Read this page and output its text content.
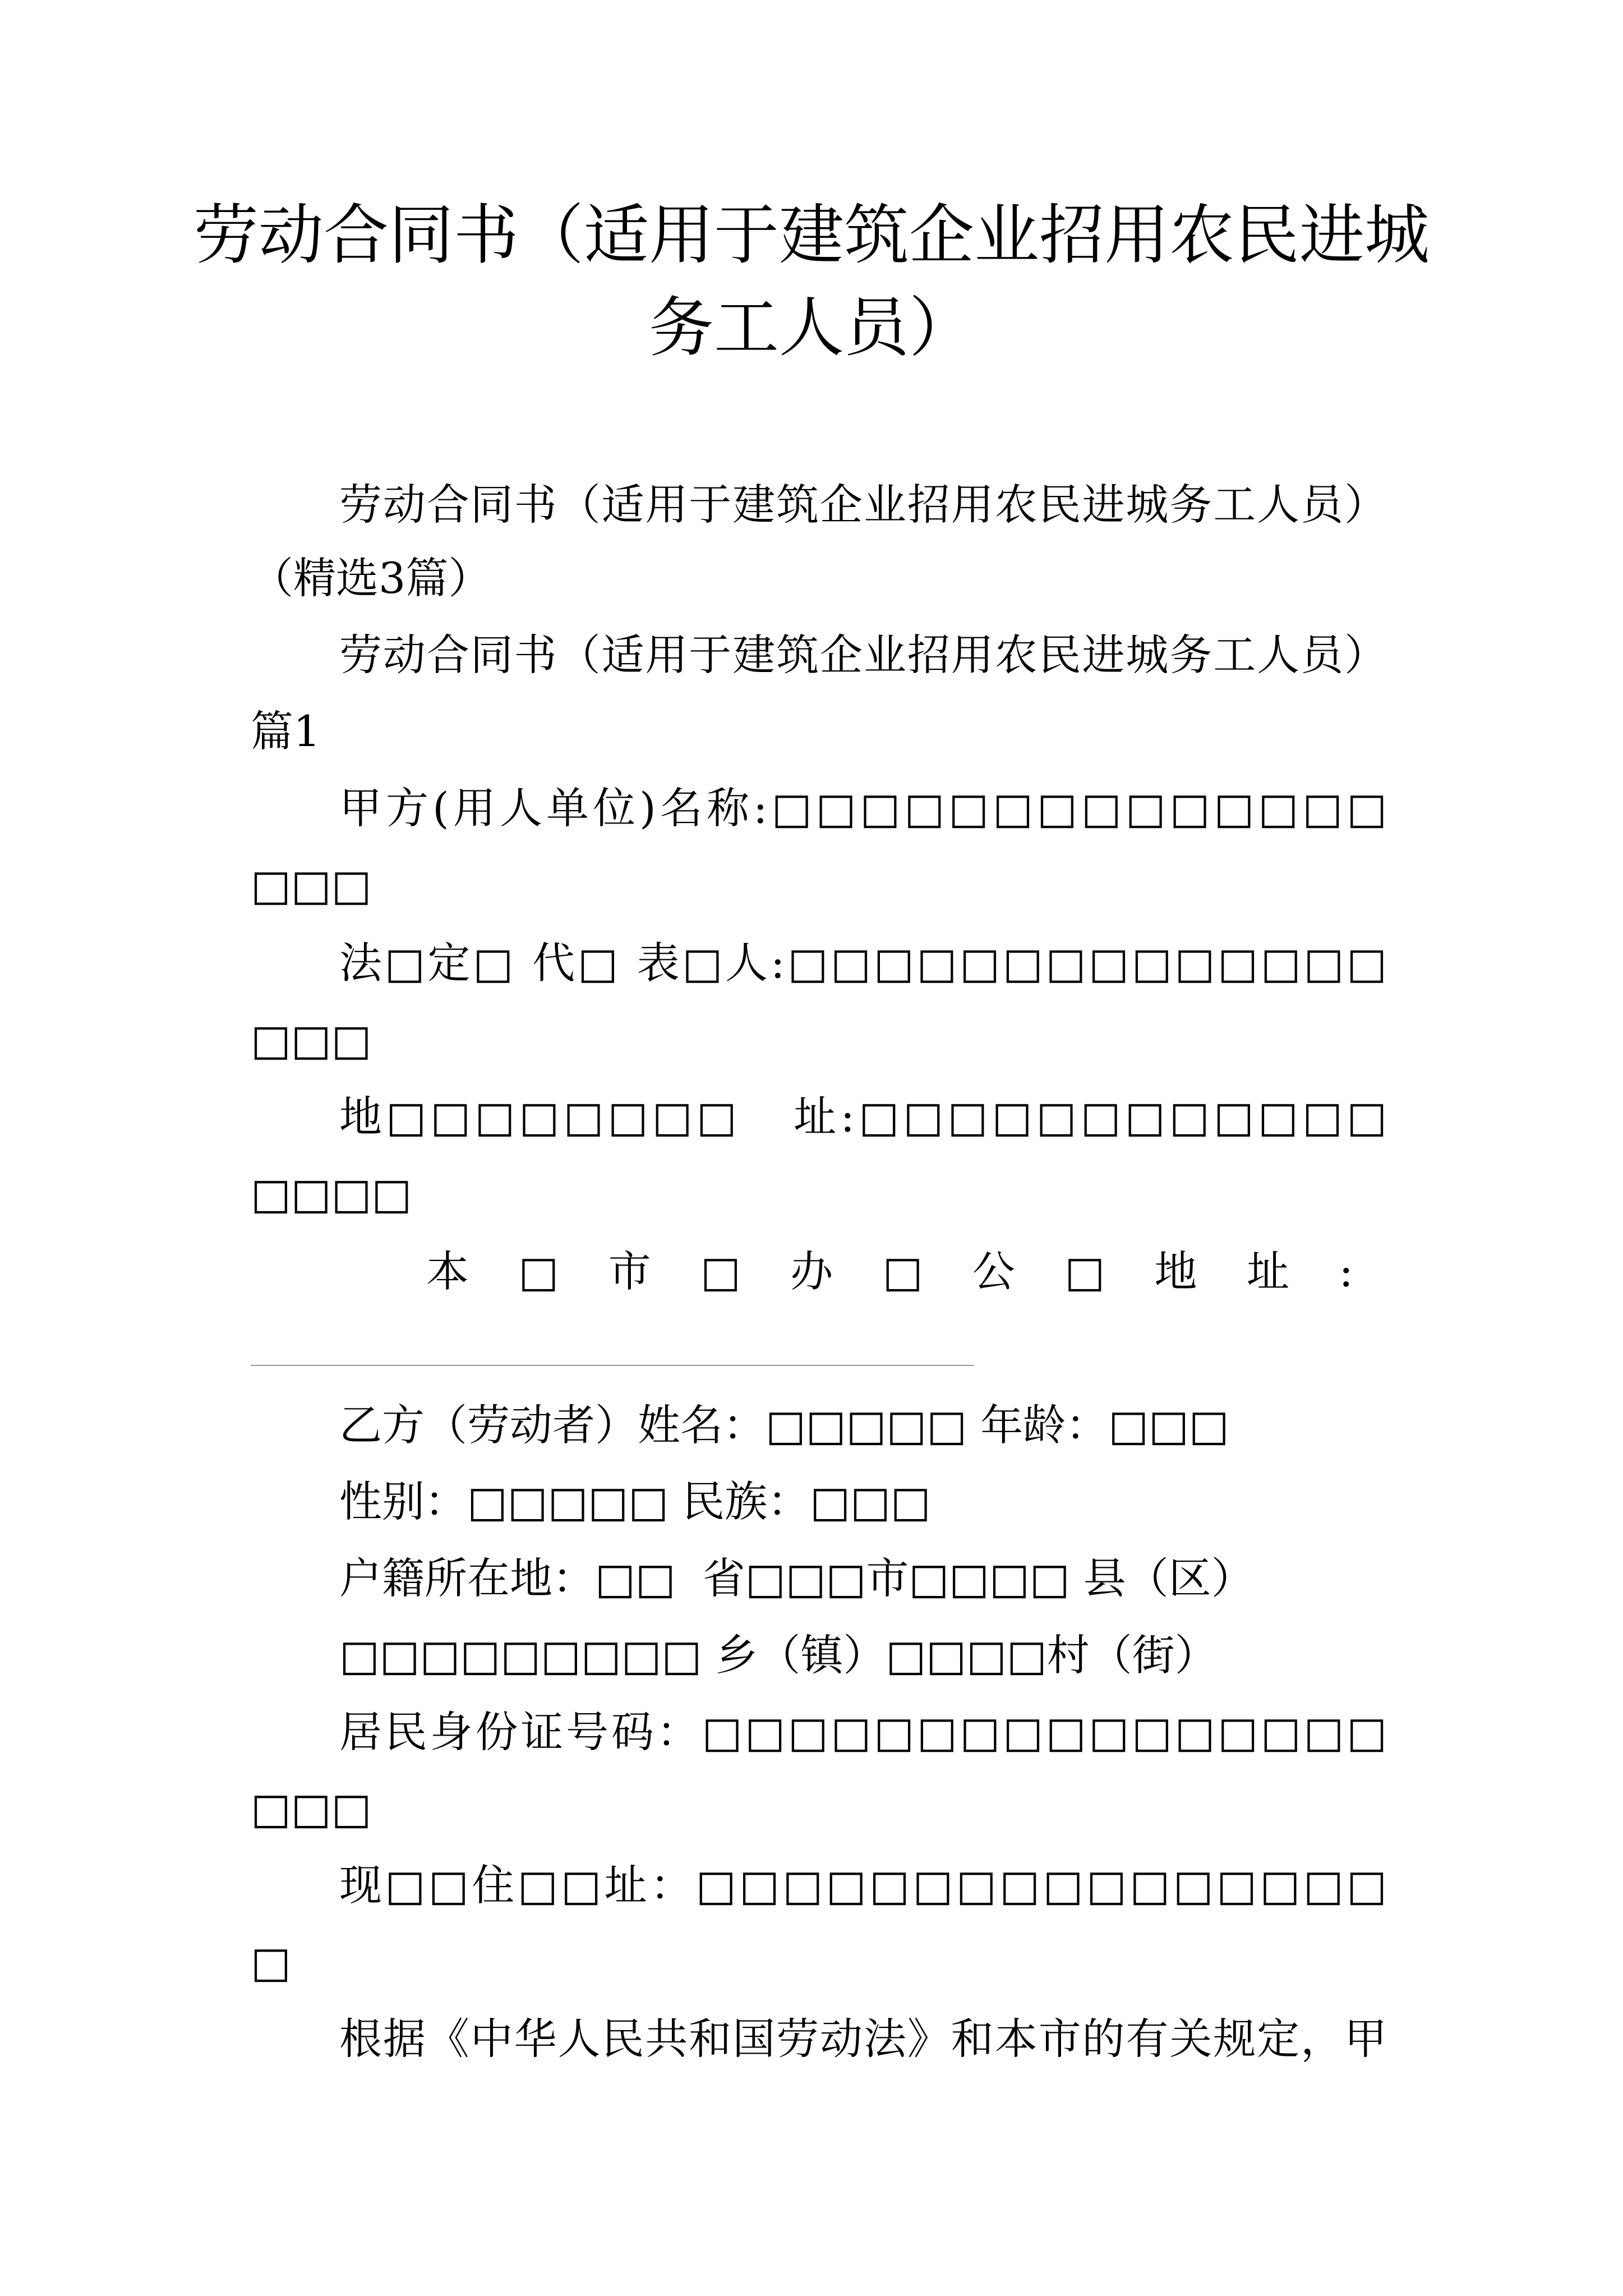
劳动合同书（适用于建筑企业招用农民进城
务工人员）
劳动合同书（适用于建筑企业招用农民进城务工人员）
（精选3篇）
劳动合同书（适用于建筑企业招用农民进城务工人员）
篇1
甲方(用人单位)名称:□□□□□□□□□□□□□□
□□□
法□定□ 代□ 表□人:□□□□□□□□□□□□□□
□□□
地□□□□□□□□   址:□□□□□□□□□□□□
□□□□
本□市□办□公□地址:
乙方（劳动者）姓名：□□□□□ 年龄：□□□
性别：□□□□□ 民族：□□□
户籍所在地：□□  省□□□市□□□□ 县（区）
□□□□□□□□□ 乡（镇）□□□□村（街）
居民身份证号码：□□□□□□□□□□□□□□□□
□□□
现□□住□□址：□□□□□□□□□□□□□□□□
□
根据《中华人民共和国劳动法》和本市的有关规定，甲
